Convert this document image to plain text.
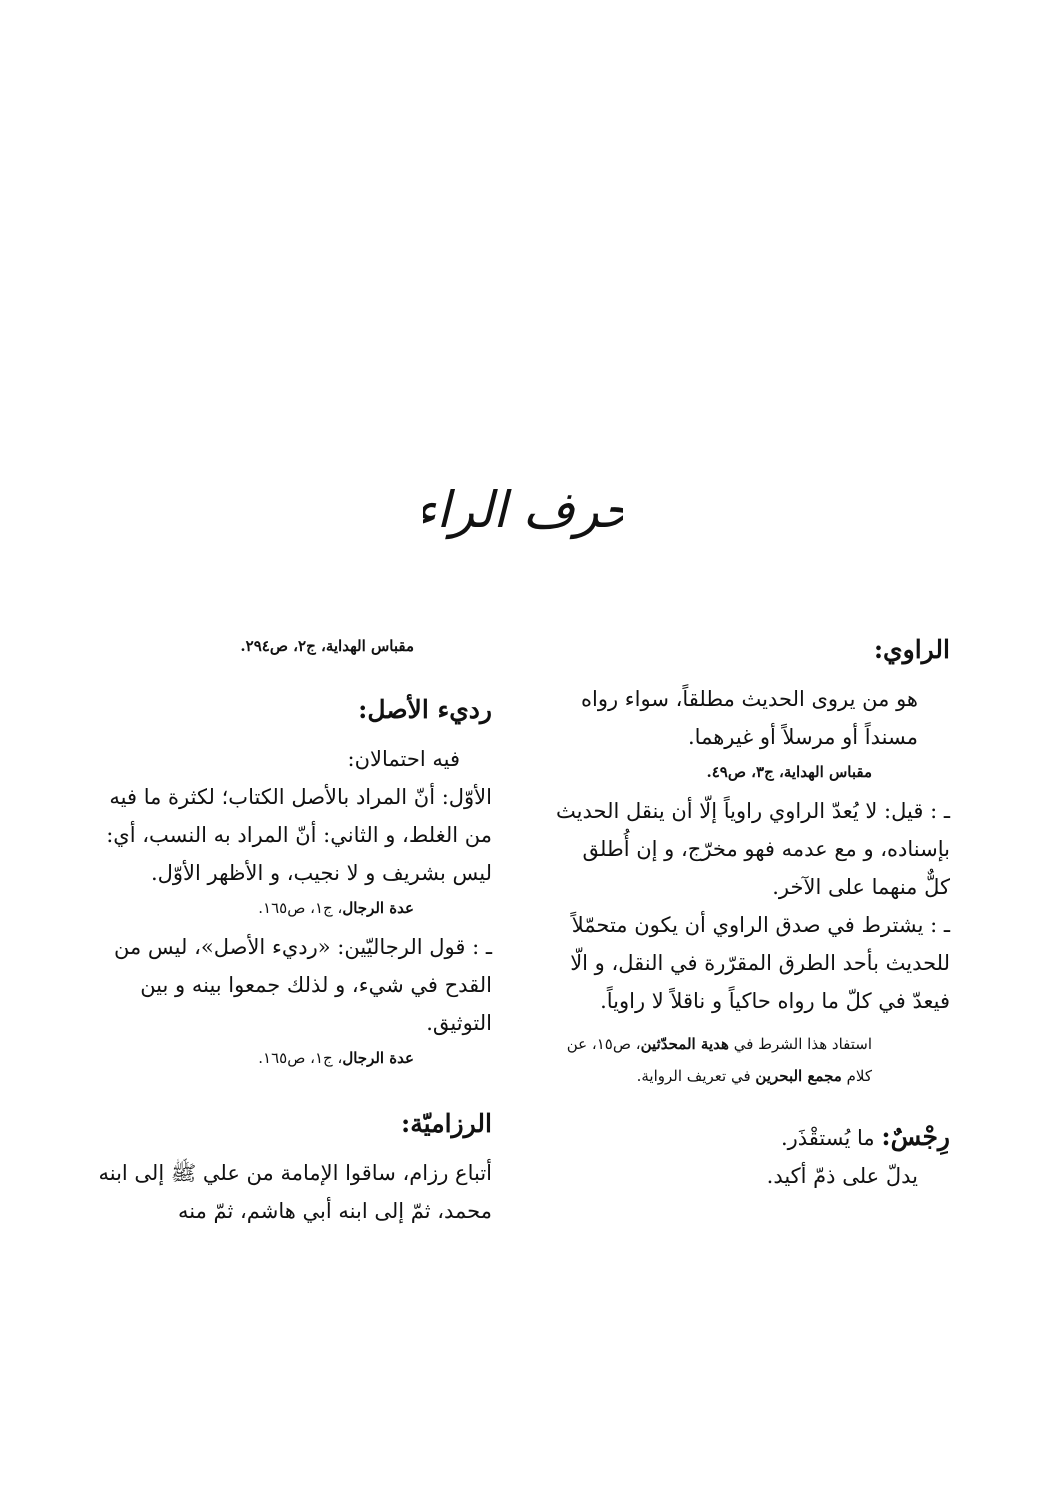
حرف الراء
الراوي:

هو من يروى الحديث مطلقاً، سواء رواه مسنداً أو مرسلاً أو غيرهما.

مقباس الهداية، ج٣، ص٤٩.

ـ : قيل: لا يُعدّ الراوي راوياً إلّا أن ينقل الحديث بإسناده، و مع عدمه فهو مخرّج، و إن أُطلق كلٌّ منهما على الآخر.

ـ : يشترط في صدق الراوي أن يكون متحمّلاً للحديث بأحد الطرق المقرّرة في النقل، و الّا فيعدّ في كلّ ما رواه حاكياً و ناقلاً لا راوياً.

استفاد هذا الشرط في هدية المحدّثين، ص١٥، عن كلام مجمع البحرين في تعريف الرواية.

رِجْسٌ: ما يُستقْذَر.

يدلّ على ذمّ أكيد.

مقباس الهداية، ج٢، ص٢٩٤.
رديء الأصل:

فيه احتمالان:

الأوّل: أنّ المراد بالأصل الكتاب؛ لكثرة ما فيه من الغلط، و الثاني: أنّ المراد به النسب، أي: ليس بشريف و لا نجيب، و الأظهر الأوّل.

عدة الرجال، ج١، ص١٦٥.

ـ : قول الرجاليّين: «رديء الأصل»، ليس من القدح في شيء، و لذلك جمعوا بينه و بين التوثيق.

عدة الرجال، ج١، ص١٦٥.
الرزاميّة:

أتباع رزام، ساقوا الإمامة من علي ﷺ إلى ابنه محمد، ثمّ إلى ابنه أبي هاشم، ثمّ منه
